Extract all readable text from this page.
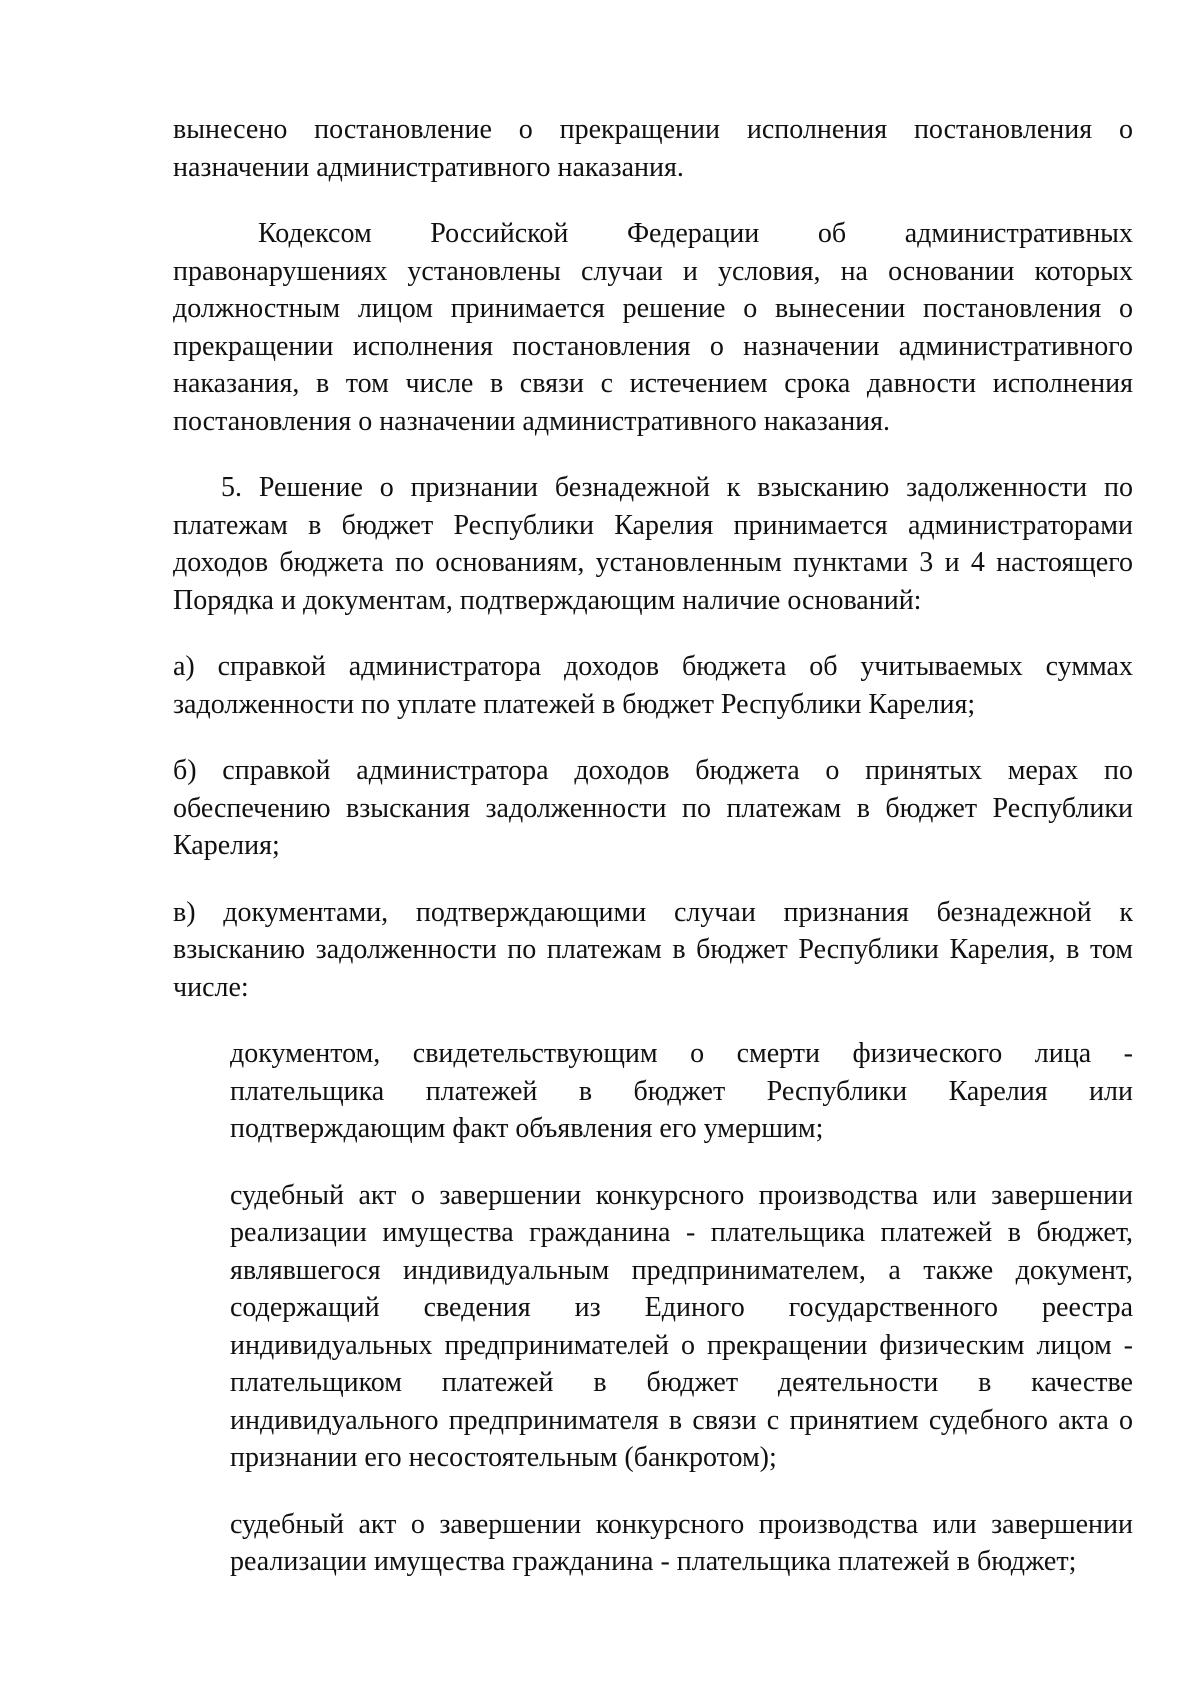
вынесено постановление о прекращении исполнения постановления о назначении административного наказания.

Кодексом Российской Федерации об административных правонарушениях установлены случаи и условия, на основании которых должностным лицом принимается решение о вынесении постановления о прекращении исполнения постановления о назначении административного наказания, в том числе в связи с истечением срока давности исполнения постановления о назначении административного наказания.

5. Решение о признании безнадежной к взысканию задолженности по платежам в бюджет Республики Карелия принимается администраторами доходов бюджета по основаниям, установленным пунктами 3 и 4 настоящего Порядка и документам, подтверждающим наличие оснований:

а) справкой администратора доходов бюджета об учитываемых суммах задолженности по уплате платежей в бюджет Республики Карелия;

б) справкой администратора доходов бюджета о принятых мерах по обеспечению взыскания задолженности по платежам в бюджет Республики Карелия;

в) документами, подтверждающими случаи признания безнадежной к взысканию задолженности по платежам в бюджет Республики Карелия, в том числе:

документом, свидетельствующим о смерти физического лица - плательщика платежей в бюджет Республики Карелия или подтверждающим факт объявления его умершим;

судебный акт о завершении конкурсного производства или завершении реализации имущества гражданина - плательщика платежей в бюджет, являвшегося индивидуальным предпринимателем, а также документ, содержащий сведения из Единого государственного реестра индивидуальных предпринимателей о прекращении физическим лицом - плательщиком платежей в бюджет деятельности в качестве индивидуального предпринимателя в связи с принятием судебного акта о признании его несостоятельным (банкротом);

судебный акт о завершении конкурсного производства или завершении реализации имущества гражданина - плательщика платежей в бюджет;
